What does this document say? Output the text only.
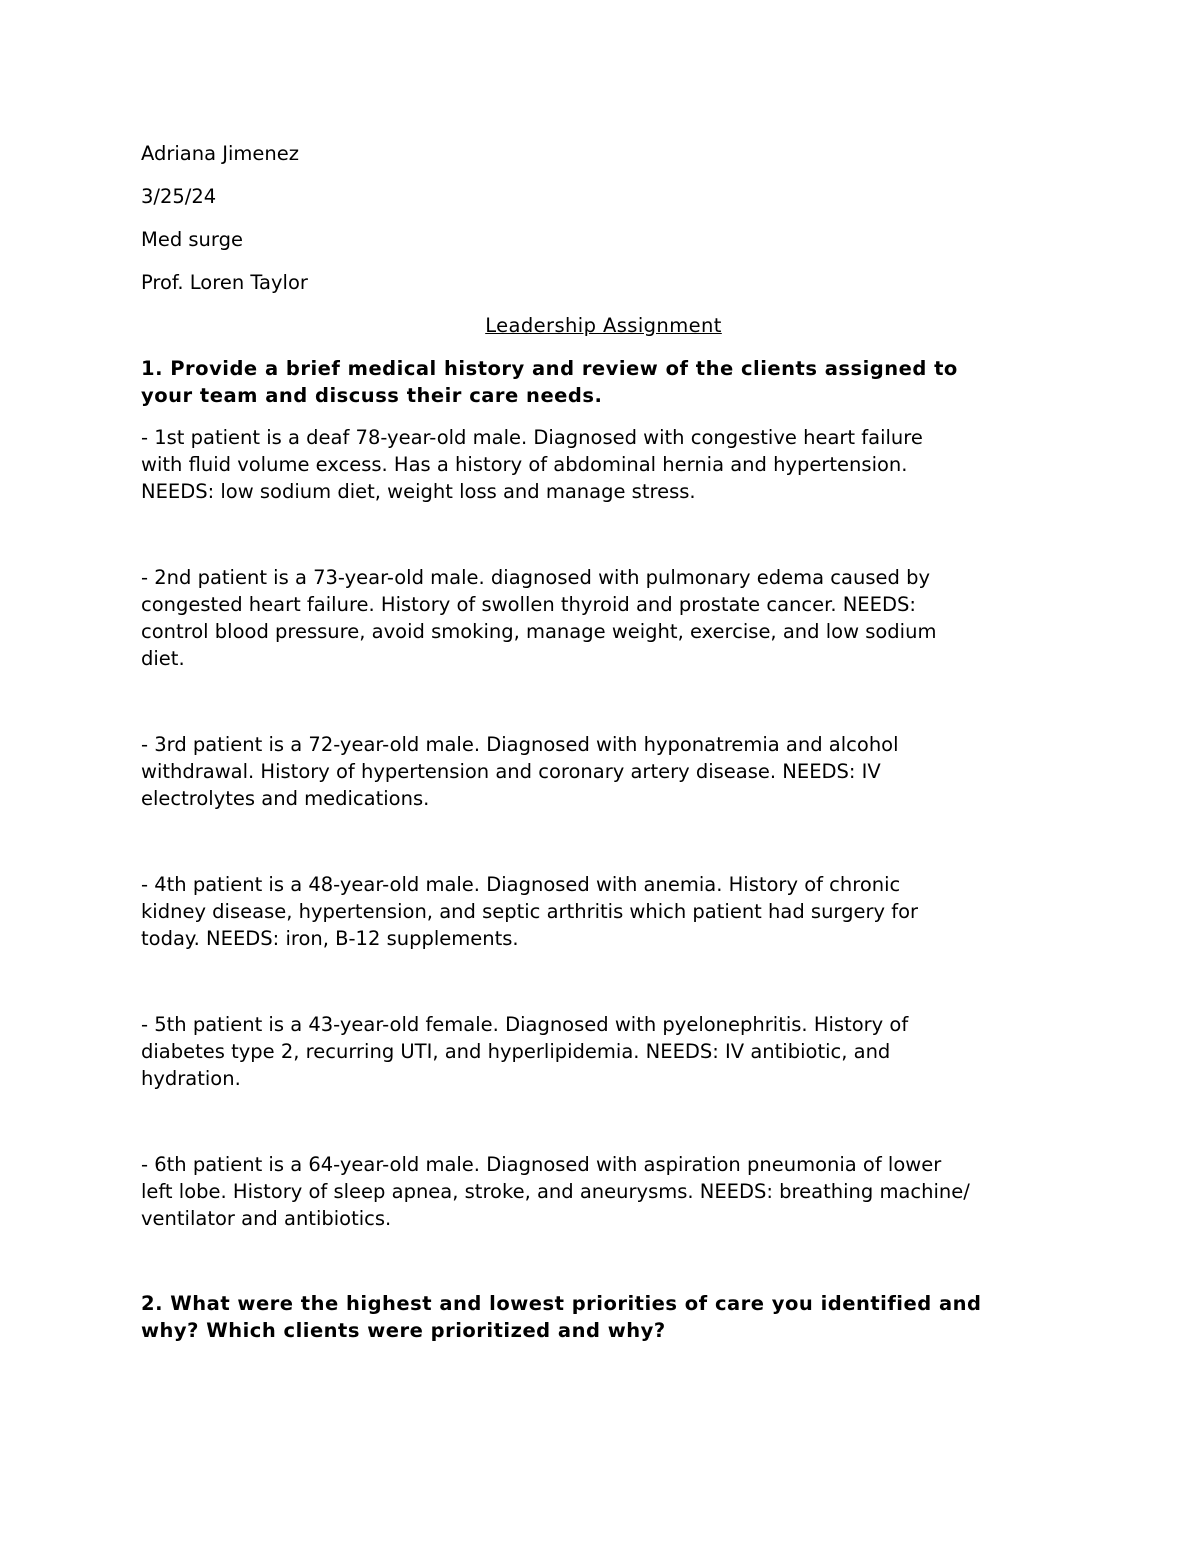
Adriana Jimenez
3/25/24
Med surge
Prof. Loren Taylor
Leadership Assignment
1. Provide a brief medical history and review of the clients assigned to
your team and discuss their care needs.
- 1st patient is a deaf 78-year-old male. Diagnosed with congestive heart failure
with fluid volume excess. Has a history of abdominal hernia and hypertension.
NEEDS: low sodium diet, weight loss and manage stress.
- 2nd patient is a 73-year-old male. diagnosed with pulmonary edema caused by
congested heart failure. History of swollen thyroid and prostate cancer. NEEDS:
control blood pressure, avoid smoking, manage weight, exercise, and low sodium
diet.
- 3rd patient is a 72-year-old male. Diagnosed with hyponatremia and alcohol
withdrawal. History of hypertension and coronary artery disease. NEEDS: IV
electrolytes and medications.
- 4th patient is a 48-year-old male. Diagnosed with anemia. History of chronic
kidney disease, hypertension, and septic arthritis which patient had surgery for
today. NEEDS: iron, B-12 supplements.
- 5th patient is a 43-year-old female. Diagnosed with pyelonephritis. History of
diabetes type 2, recurring UTI, and hyperlipidemia. NEEDS: IV antibiotic, and
hydration.
- 6th patient is a 64-year-old male. Diagnosed with aspiration pneumonia of lower
left lobe. History of sleep apnea, stroke, and aneurysms. NEEDS: breathing machine/
ventilator and antibiotics.
2. What were the highest and lowest priorities of care you identified and
why? Which clients were prioritized and why?
